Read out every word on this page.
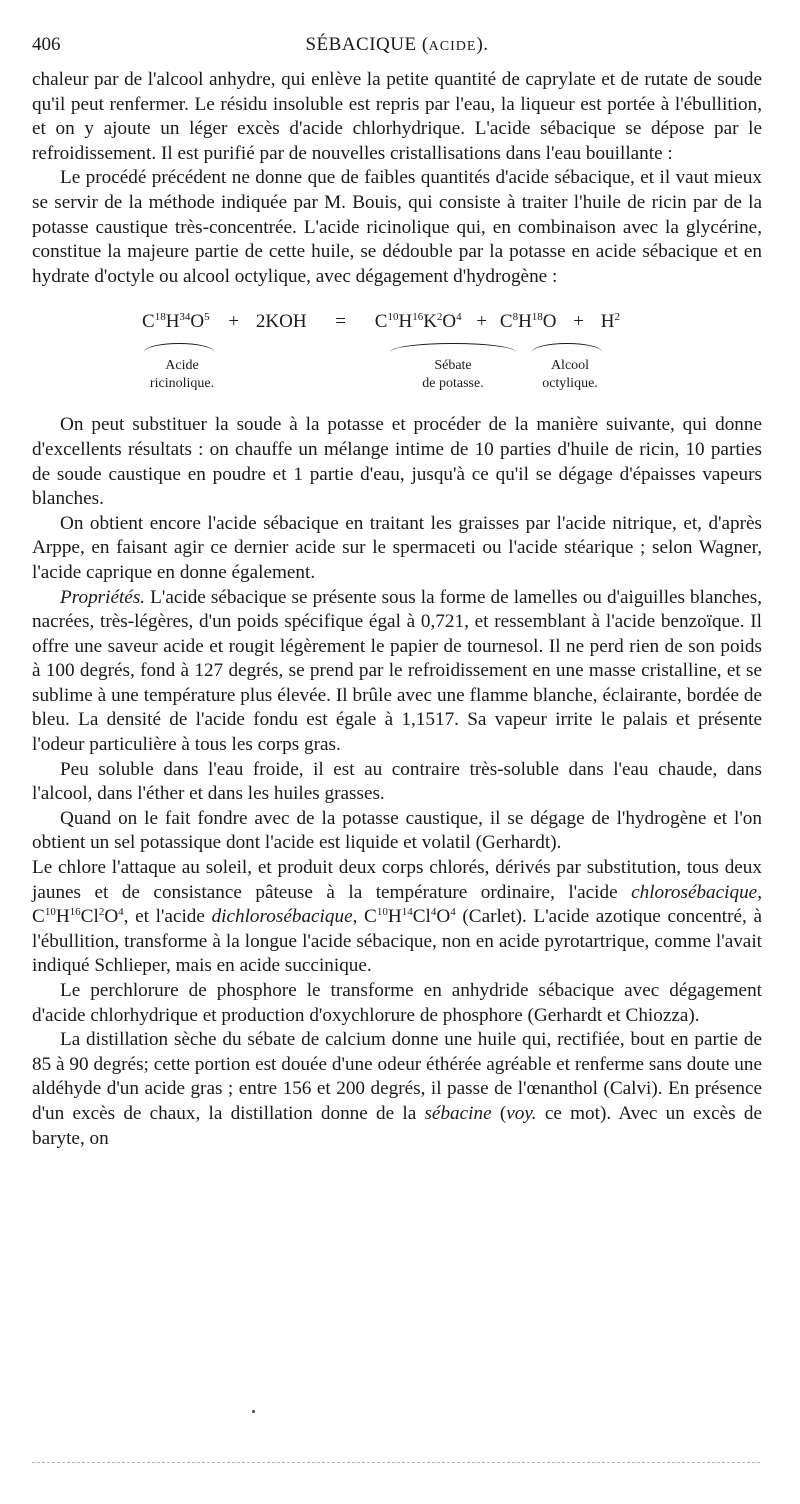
406	SÉBACIQUE (ACIDE).

chaleur par de l'alcool anhydre, qui enlève la petite quantité de caprylate et de rutate de soude qu'il peut renfermer. Le résidu insoluble est repris par l'eau, la liqueur est portée à l'ébullition, et on y ajoute un léger excès d'acide chlorhydrique. L'acide sébacique se dépose par le refroidissement. Il est purifié par de nouvelles cristallisations dans l'eau bouillante :

Le procédé précédent ne donne que de faibles quantités d'acide sébacique, et il vaut mieux se servir de la méthode indiquée par M. Bouis, qui consiste à traiter l'huile de ricin par de la potasse caustique très-concentrée. L'acide ricinolique qui, en combinaison avec la glycérine, constitue la majeure partie de cette huile, se dédouble par la potasse en acide sébacique et en hydrate d'octyle ou alcool octylique, avec dégagement d'hydrogène :

$C^{18}H^{34}O^5 + 2KOH = C^{10}H^{16}K^2O^4 + C^8H^{18}O + H^2$
Acide
ricinolique.
Sébate
de potasse.
Alcool
octylique.

On peut substituer la soude à la potasse et procéder de la manière suivante, qui donne d'excellents résultats : on chauffe un mélange intime de 10 parties d'huile de ricin, 10 parties de soude caustique en poudre et 1 partie d'eau, jusqu'à ce qu'il se dégage d'épaisses vapeurs blanches.

On obtient encore l'acide sébacique en traitant les graisses par l'acide nitrique, et, d'après Arppe, en faisant agir ce dernier acide sur le spermaceti ou l'acide stéarique ; selon Wagner, l'acide caprique en donne également.

Propriétés. L'acide sébacique se présente sous la forme de lamelles ou d'aiguilles blanches, nacrées, très-légères, d'un poids spécifique égal à 0,721, et ressemblant à l'acide benzoïque. Il offre une saveur acide et rougit légèrement le papier de tournesol. Il ne perd rien de son poids à 100 degrés, fond à 127 degrés, se prend par le refroidissement en une masse cristalline, et se sublime à une température plus élevée. Il brûle avec une flamme blanche, éclairante, bordée de bleu. La densité de l'acide fondu est égale à 1,1517. Sa vapeur irrite le palais et présente l'odeur particulière à tous les corps gras.

Peu soluble dans l'eau froide, il est au contraire très-soluble dans l'eau chaude, dans l'alcool, dans l'éther et dans les huiles grasses.

Quand on le fait fondre avec de la potasse caustique, il se dégage de l'hydrogène et l'on obtient un sel potassique dont l'acide est liquide et volatil (Gerhardt).

Le chlore l'attaque au soleil, et produit deux corps chlorés, dérivés par substitution, tous deux jaunes et de consistance pâteuse à la température ordinaire, l'acide chlorosébacique, $C^{10}H^{16}Cl^2O^4$, et l'acide dichlorosébacique, $C^{10}H^{14}Cl^4O^4$ (Carlet). L'acide azotique concentré, à l'ébullition, transforme à la longue l'acide sébacique, non en acide pyrotartrique, comme l'avait indiqué Schlieper, mais en acide succinique.

Le perchlorure de phosphore le transforme en anhydride sébacique avec dégagement d'acide chlorhydrique et production d'oxychlorure de phosphore (Gerhardt et Chiozza).

La distillation sèche du sébate de calcium donne une huile qui, rectifiée, bout en partie de 85 à 90 degrés; cette portion est douée d'une odeur éthérée agréable et renferme sans doute une aldéhyde d'un acide gras ; entre 156 et 200 degrés, il passe de l'œnanthol (Calvi). En présence d'un excès de chaux, la distillation donne de la sébacine (voy. ce mot). Avec un excès de baryte, on
